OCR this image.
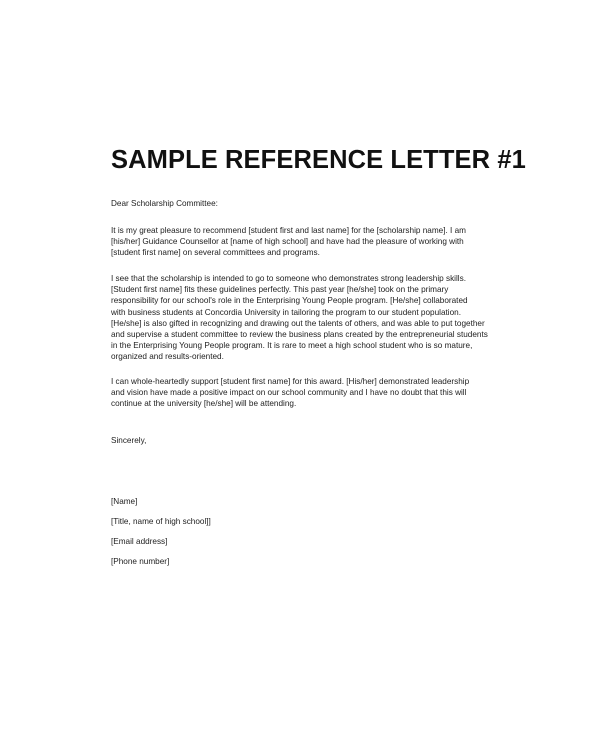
SAMPLE REFERENCE LETTER #1

Dear Scholarship Committee:

It is my great pleasure to recommend [student first and last name] for the [scholarship name]. I am
[his/her] Guidance Counsellor at [name of high school] and have had the pleasure of working with
[student first name] on several committees and programs.
I see that the scholarship is intended to go to someone who demonstrates strong leadership skills.
[Student first name] fits these guidelines perfectly. This past year [he/she] took on the primary
responsibility for our school's role in the Enterprising Young People program. [He/she] collaborated
with business students at Concordia University in tailoring the program to our student population.
[He/she] is also gifted in recognizing and drawing out the talents of others, and was able to put together
and supervise a student committee to review the business plans created by the entrepreneurial students
in the Enterprising Young People program. It is rare to meet a high school student who is so mature,
organized and results-oriented.
I can whole-heartedly support [student first name] for this award. [His/her] demonstrated leadership
and vision have made a positive impact on our school community and I have no doubt that this will
continue at the university [he/she] will be attending.

Sincerely,

[Name]

[Title, name of high school]]

[Email address]

[Phone number]
